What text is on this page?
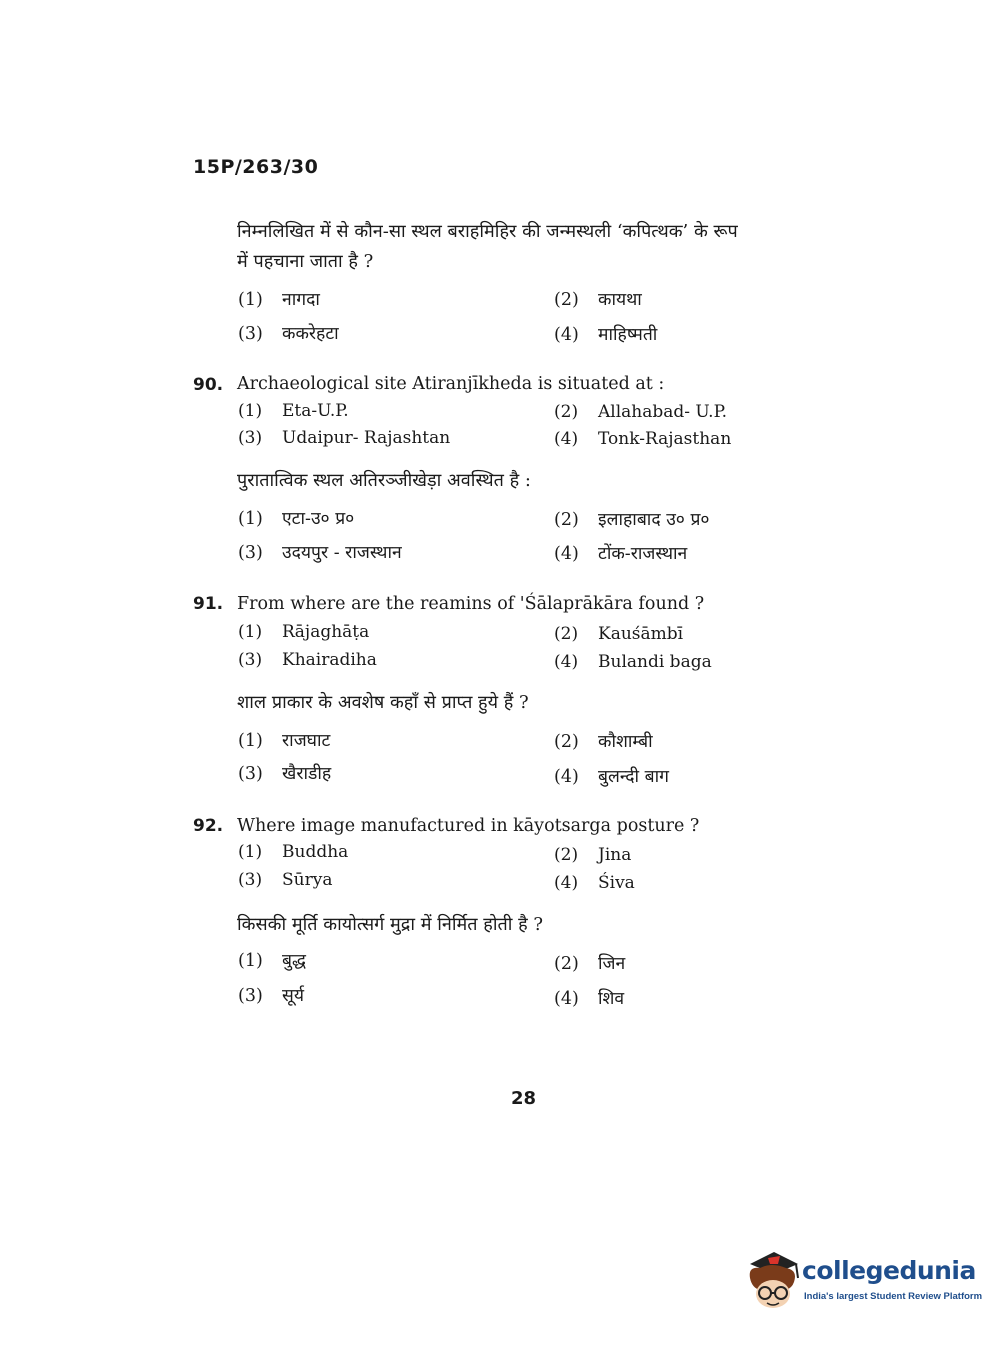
15P/263/30
निम्नलिखित में से कौन-सा स्थल बराहमिहिर की जन्मस्थली ‘कपित्थक’ के रूप
में पहचाना जाता है ?
(1) नागदा	(2) कायथा
(3) ककरेहटा	(4) माहिष्मती
90. Archaeological site Atiranjīkheda is situated at :
(1) Eta-U.P.	(2) Allahabad- U.P.
(3) Udaipur- Rajashtan	(4) Tonk-Rajasthan
पुरातात्विक स्थल अतिरञ्जीखेड़ा अवस्थित है :
(1) एटा-उ० प्र०	(2) इलाहाबाद उ० प्र०
(3) उदयपुर - राजस्थान	(4) टोंक-राजस्थान
91. From where are the reamins of 'Śālaprākāra found ?
(1) Rājaghāṭa	(2) Kauśāmbī
(3) Khairadiha	(4) Bulandi baga
शाल प्राकार के अवशेष कहाँ से प्राप्त हुये हैं ?
(1) राजघाट	(2) कौशाम्बी
(3) खैराडीह	(4) बुलन्दी बाग
92. Where image manufactured in kāyotsarga posture ?
(1) Buddha	(2) Jina
(3) Sūrya	(4) Śiva
किसकी मूर्ति कायोत्सर्ग मुद्रा में निर्मित होती है ?
(1) बुद्ध	(2) जिन
(3) सूर्य	(4) शिव
28
collegedunia
India's largest Student Review Platform
